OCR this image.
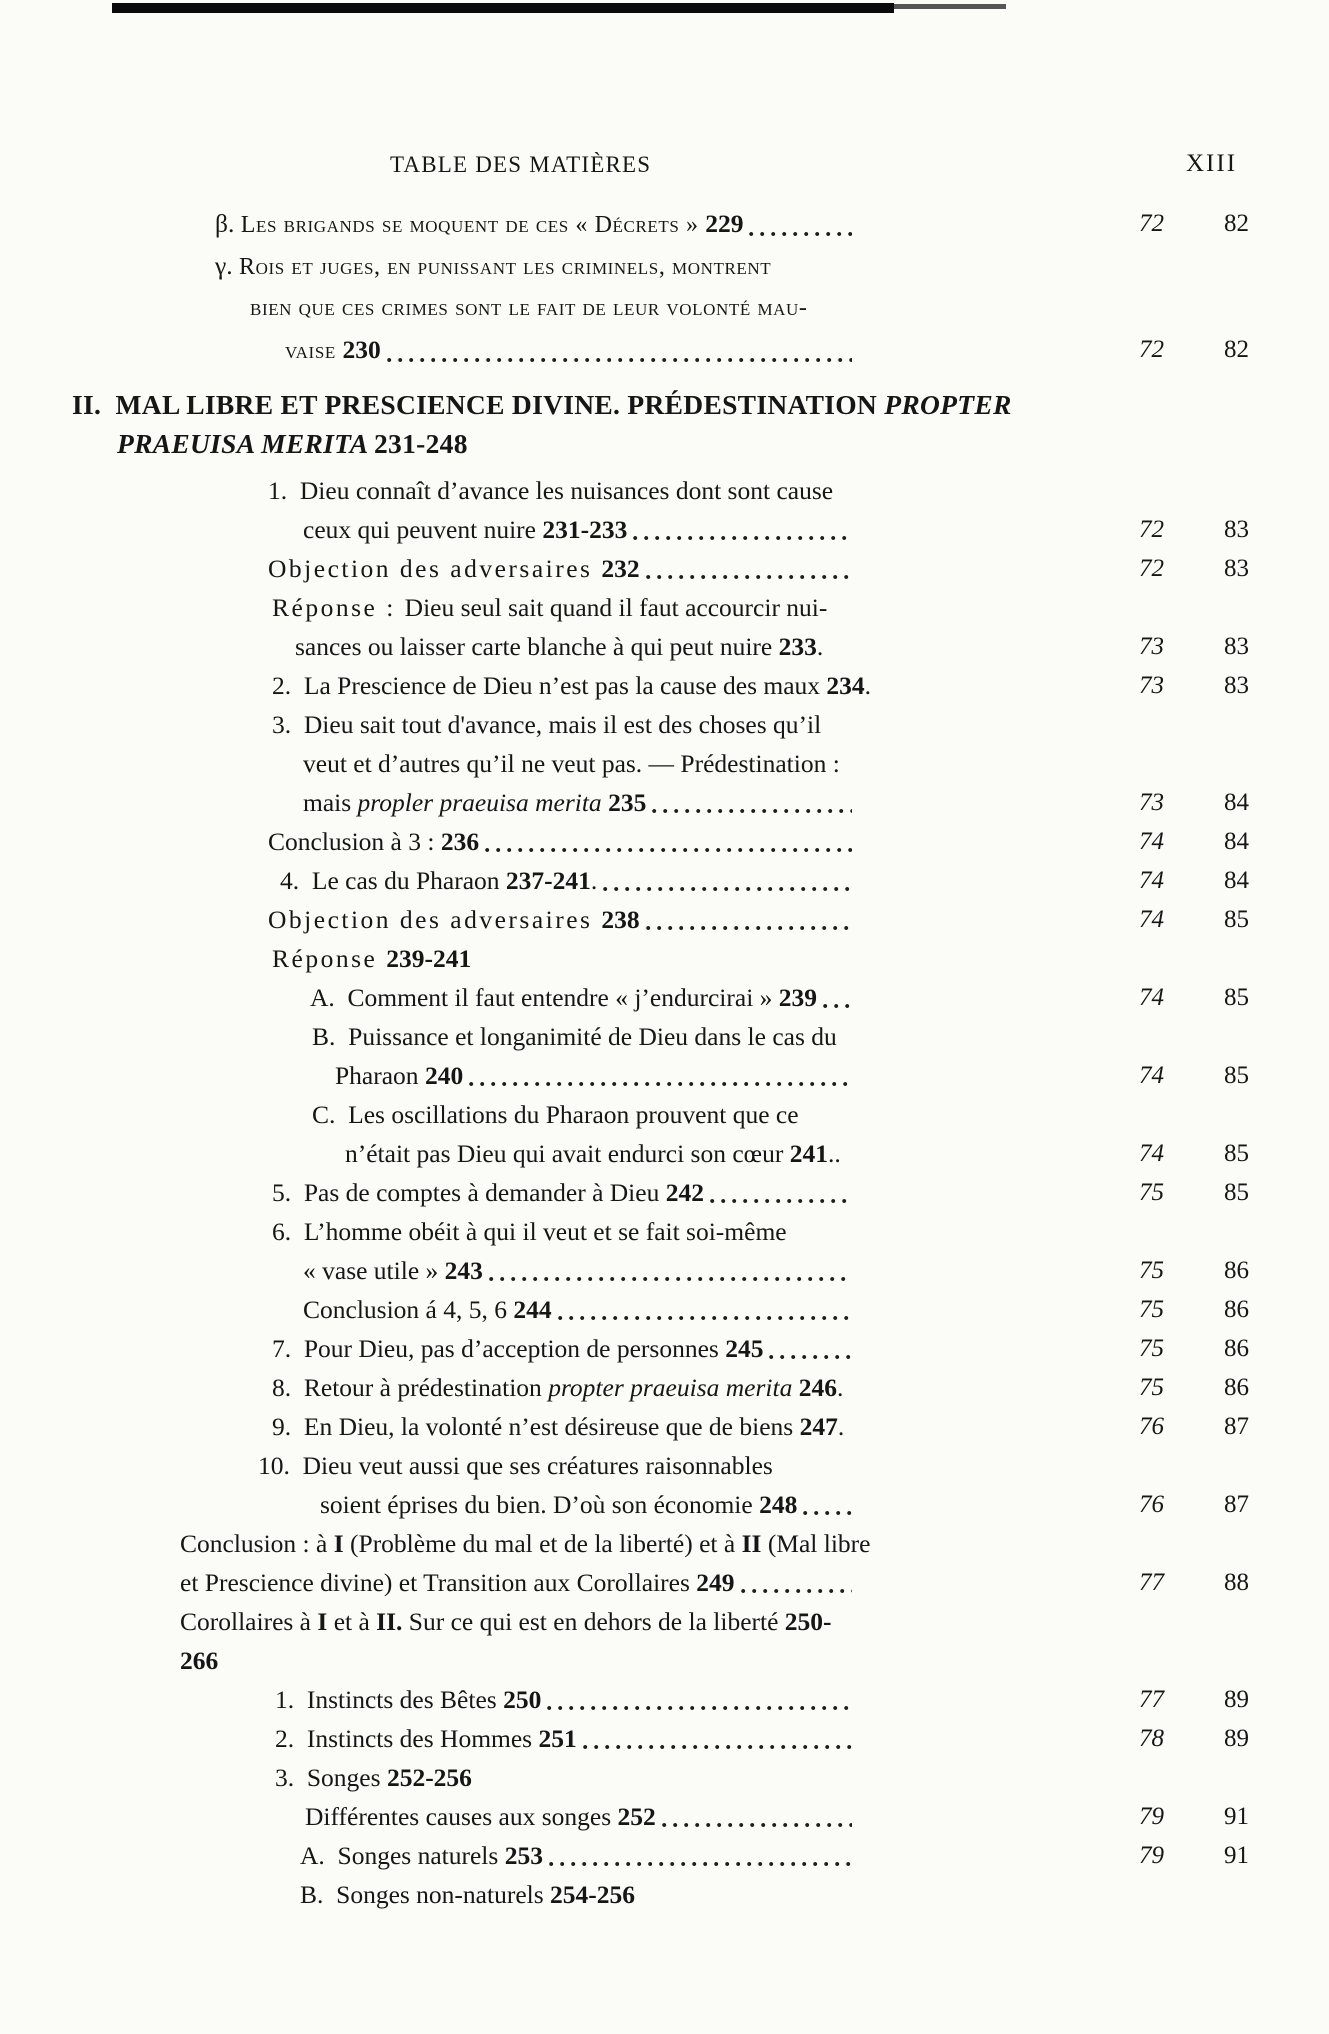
TABLE DES MATIÈRES	XIII
β. Les brigands se moquent de ces « Décrets » 229	72	82
γ. Rois et juges, en punissant les criminels, montrent
bien que ces crimes sont le fait de leur volonté mau-
vaise 230	72	82
II. MAL LIBRE ET PRESCIENCE DIVINE. PRÉDESTINATION PROPTER
PRAEUISA MERITA 231-248
1.  Dieu connaît d’avance les nuisances dont sont cause
ceux qui peuvent nuire 231-233	72	83
Objection des adversaires 232	72	83
Réponse : Dieu seul sait quand il faut accourcir nui-
sances ou laisser carte blanche à qui peut nuire 233 .	73	83
2.  La Prescience de Dieu n’est pas la cause des maux 234 .	73	83
3.  Dieu sait tout d'avance, mais il est des choses qu’il
veut et d’autres qu’il ne veut pas. — Prédestination :
mais propler praeuisa merita 235	73	84
Conclusion à 3 : 236	74	84
4.  Le cas du Pharaon 237-241 .	74	84
Objection des adversaires 238	74	85
Réponse 239-241
A.  Comment il faut entendre « j’endurcirai » 239	74	85
B.  Puissance et longanimité de Dieu dans le cas du
Pharaon 240	74	85
C.  Les oscillations du Pharaon prouvent que ce
n’était pas Dieu qui avait endurci son cœur 241 ..	74	85
5.  Pas de comptes à demander à Dieu 242	75	85
6.  L’homme obéit à qui il veut et se fait soi-même
« vase utile » 243	75	86
Conclusion á 4, 5, 6 244	75	86
7.  Pour Dieu, pas d’acception de personnes 245	75	86
8.  Retour à prédestination propter praeuisa merita 246 .	75	86
9.  En Dieu, la volonté n’est désireuse que de biens 247 .	76	87
10.  Dieu veut aussi que ses créatures raisonnables
soient éprises du bien. D’où son économie 248	76	87
Conclusion : à I (Problème du mal et de la liberté) et à II (Mal libre
et Prescience divine) et Transition aux Corollaires 249	77	88
Corollaires à I et à II. Sur ce qui est en dehors de la liberté 250-
266
1.  Instincts des Bêtes 250	77	89
2.  Instincts des Hommes 251	78	89
3.  Songes 252-256
Différentes causes aux songes 252	79	91
A.  Songes naturels 253	79	91
B.  Songes non-naturels 254-256
